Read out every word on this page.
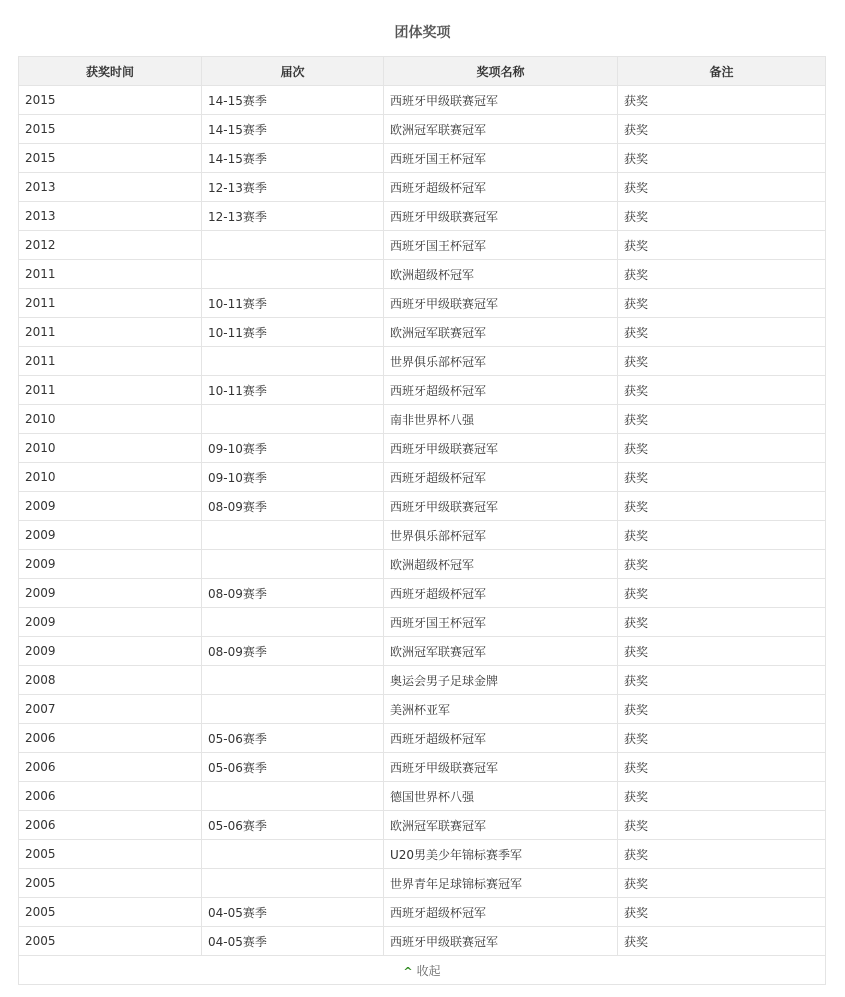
团体奖项
获奖时间	届次	奖项名称	备注
2015	14-15赛季	西班牙甲级联赛冠军	获奖
2015	14-15赛季	欧洲冠军联赛冠军	获奖
2015	14-15赛季	西班牙国王杯冠军	获奖
2013	12-13赛季	西班牙超级杯冠军	获奖
2013	12-13赛季	西班牙甲级联赛冠军	获奖
2012		西班牙国王杯冠军	获奖
2011		欧洲超级杯冠军	获奖
2011	10-11赛季	西班牙甲级联赛冠军	获奖
2011	10-11赛季	欧洲冠军联赛冠军	获奖
2011		世界俱乐部杯冠军	获奖
2011	10-11赛季	西班牙超级杯冠军	获奖
2010		南非世界杯八强	获奖
2010	09-10赛季	西班牙甲级联赛冠军	获奖
2010	09-10赛季	西班牙超级杯冠军	获奖
2009	08-09赛季	西班牙甲级联赛冠军	获奖
2009		世界俱乐部杯冠军	获奖
2009		欧洲超级杯冠军	获奖
2009	08-09赛季	西班牙超级杯冠军	获奖
2009		西班牙国王杯冠军	获奖
2009	08-09赛季	欧洲冠军联赛冠军	获奖
2008		奥运会男子足球金牌	获奖
2007		美洲杯亚军	获奖
2006	05-06赛季	西班牙超级杯冠军	获奖
2006	05-06赛季	西班牙甲级联赛冠军	获奖
2006		德国世界杯八强	获奖
2006	05-06赛季	欧洲冠军联赛冠军	获奖
2005		U20男美少年锦标赛季军	获奖
2005		世界青年足球锦标赛冠军	获奖
2005	04-05赛季	西班牙超级杯冠军	获奖
2005	04-05赛季	西班牙甲级联赛冠军	获奖
^ 收起			
